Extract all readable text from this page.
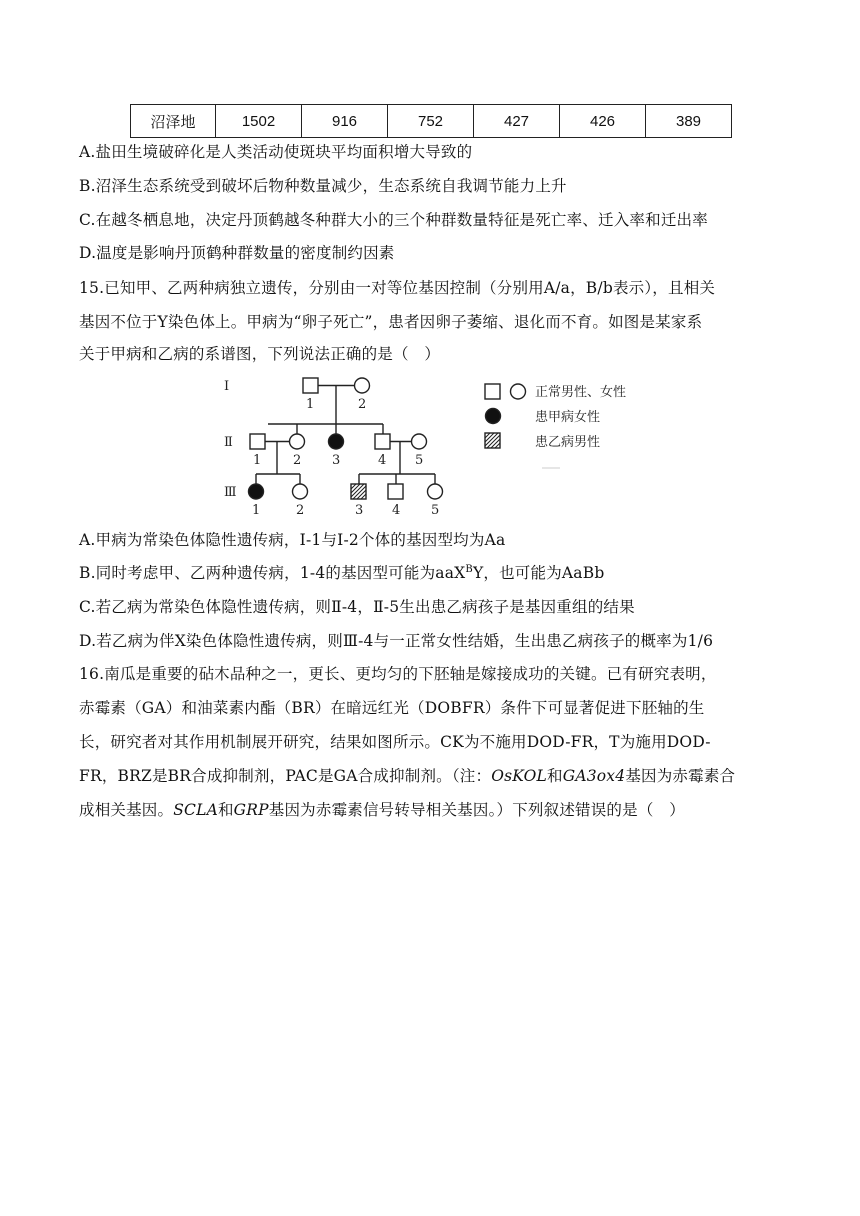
沼泽地	1502	916	752	427	426	389
A.盐田生境破碎化是人类活动使斑块平均面积增大导致的
B.沼泽生态系统受到破坏后物种数量减少，生态系统自我调节能力上升
C.在越冬栖息地，决定丹顶鹤越冬种群大小的三个种群数量特征是死亡率、迁入率和迁出率
D.温度是影响丹顶鹤种群数量的密度制约因素
15.已知甲、乙两种病独立遗传，分别由一对等位基因控制（分别用A/a，B/b表示），且相关
基因不位于Y染色体上。甲病为“卵子死亡”，患者因卵子萎缩、退化而不育。如图是某家系
关于甲病和乙病的系谱图，下列说法正确的是（　）
I
Ⅱ
Ⅲ
1	2
1 2 3	4 5
1	2	3 4 5
正常男性、女性
患甲病女性
患乙病男性
A.甲病为常染色体隐性遗传病，I-1与I-2个体的基因型均为Aa
B.同时考虑甲、乙两种遗传病，1-4的基因型可能为aaX$^B$Y，也可能为AaBb
C.若乙病为常染色体隐性遗传病，则Ⅱ-4，Ⅱ-5生出患乙病孩子是基因重组的结果
D.若乙病为伴X染色体隐性遗传病，则Ⅲ-4与一正常女性结婚，生出患乙病孩子的概率为1/6
16.南瓜是重要的砧木品种之一，更长、更均匀的下胚轴是嫁接成功的关键。已有研究表明，
赤霉素（GA）和油菜素内酯（BR）在暗远红光（DOBFR）条件下可显著促进下胚轴的生
长，研究者对其作用机制展开研究，结果如图所示。CK为不施用DOD-FR，T为施用DOD-
FR，BRZ是BR合成抑制剂，PAC是GA合成抑制剂。（注：OsKOL和GA3ox4基因为赤霉素合
成相关基因。SCLA和GRP基因为赤霉素信号转导相关基因。）下列叙述错误的是（　）
